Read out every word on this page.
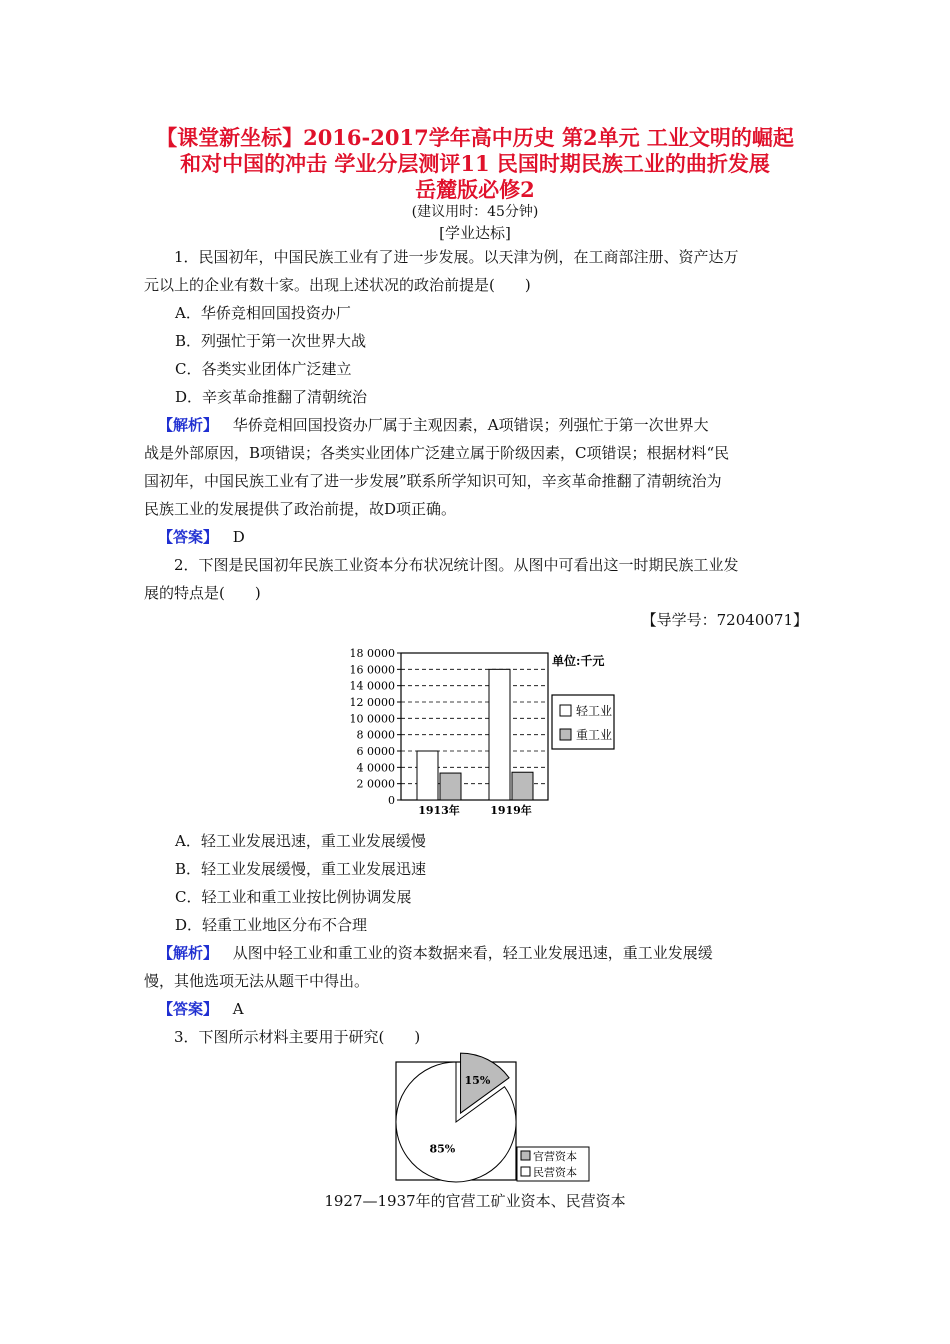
【课堂新坐标】2016-2017学年高中历史 第2单元 工业文明的崛起
和对中国的冲击 学业分层测评11 民国时期民族工业的曲折发展
岳麓版必修2
(建议用时：45分钟)
[学业达标]
1．民国初年，中国民族工业有了进一步发展。以天津为例，在工商部注册、资产达万
元以上的企业有数十家。出现上述状况的政治前提是(　　)
A．华侨竞相回国投资办厂
B．列强忙于第一次世界大战
C．各类实业团体广泛建立
D．辛亥革命推翻了清朝统治
【解析】 华侨竞相回国投资办厂属于主观因素，A项错误；列强忙于第一次世界大
战是外部原因，B项错误；各类实业团体广泛建立属于阶级因素，C项错误；根据材料“民
国初年，中国民族工业有了进一步发展”联系所学知识可知，辛亥革命推翻了清朝统治为
民族工业的发展提供了政治前提，故D项正确。
【答案】 D
2．下图是民国初年民族工业资本分布状况统计图。从图中可看出这一时期民族工业发
展的特点是(　　)
【导学号：72040071】
0
2 0000
4 0000
6 0000
8 0000
10 0000
12 0000
14 0000
16 0000
18 0000
1913年	1919年
单位:千元
轻工业
重工业
A．轻工业发展迅速，重工业发展缓慢
B．轻工业发展缓慢，重工业发展迅速
C．轻工业和重工业按比例协调发展
D．轻重工业地区分布不合理
【解析】 从图中轻工业和重工业的资本数据来看，轻工业发展迅速，重工业发展缓
慢，其他选项无法从题干中得出。
【答案】 A
3．下图所示材料主要用于研究(　　)
15%
85%
官营资本
民营资本
1927—1937年的官营工矿业资本、民营资本
